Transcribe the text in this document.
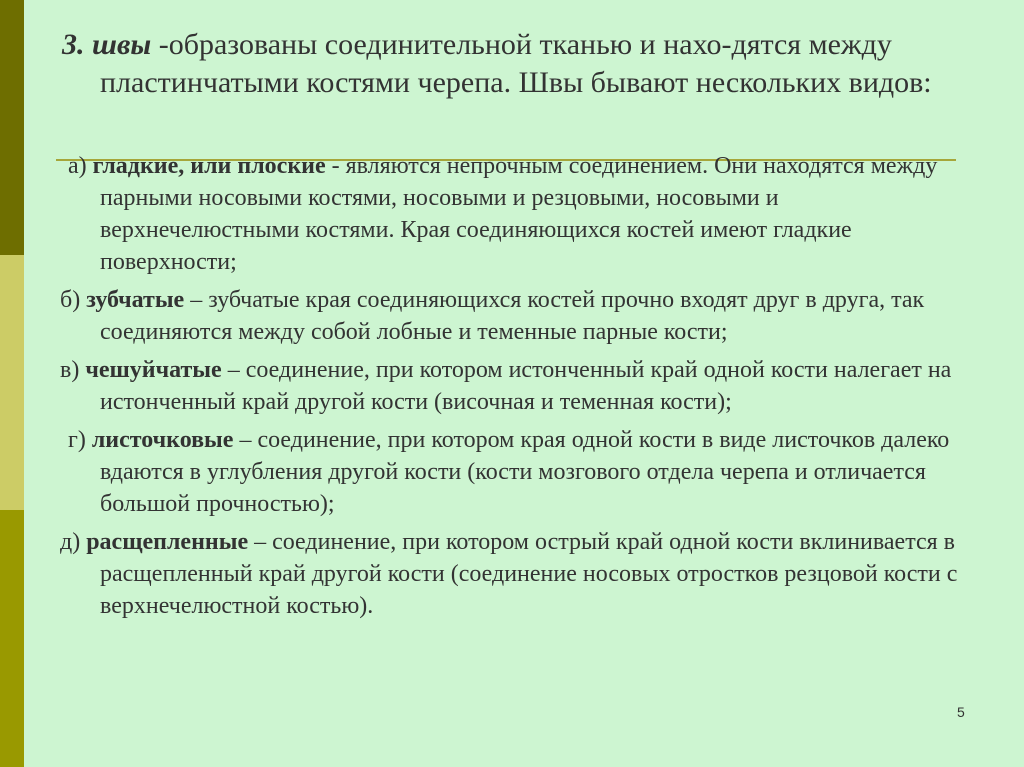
3. швы -образованы соединительной тканью и нахо-дятся между пластинчатыми костями черепа. Швы бывают нескольких видов:
а) гладкие, или плоские - являются непрочным соединением. Они находятся между парными носовыми костями, носовыми и резцовыми, носовыми и верхнечелюстными костями. Края соединяющихся костей имеют гладкие поверхности;
б) зубчатые – зубчатые края соединяющихся костей прочно входят друг в друга, так соединяются между собой лобные и теменные парные кости;
в) чешуйчатые – соединение, при котором истонченный край одной кости налегает на истонченный край другой кости (височная и теменная кости);
г) листочковые – соединение, при котором края одной кости в виде листочков далеко вдаются в углубления другой кости (кости мозгового отдела черепа и отличается большой прочностью);
д) расщепленные – соединение, при котором острый край одной кости вклинивается в расщепленный край другой кости (соединение носовых отростков резцовой кости с верхнечелюстной костью).
5
